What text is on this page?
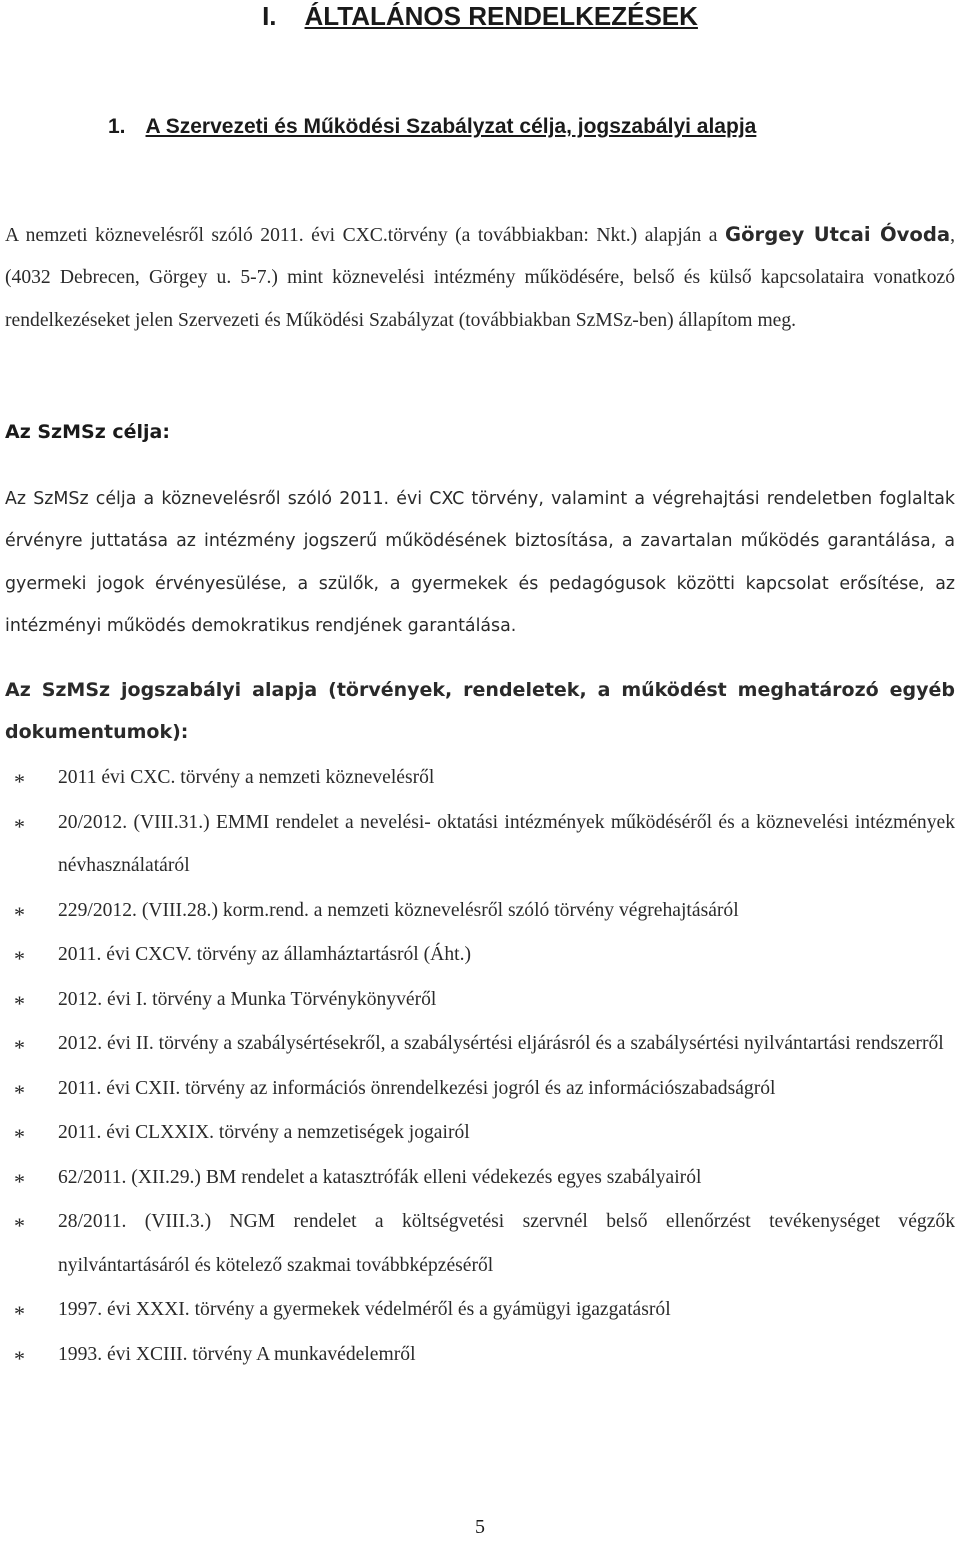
I. ÁLTALÁNOS RENDELKEZÉSEK
1. A Szervezeti és Működési Szabályzat célja, jogszabályi alapja

A nemzeti köznevelésről szóló 2011. évi CXC.törvény (a továbbiakban: Nkt.) alapján a Görgey Utcai Óvoda, (4032 Debrecen, Görgey u. 5-7.) mint köznevelési intézmény működésére, belső és külső kapcsolataira vonatkozó rendelkezéseket jelen Szervezeti és Működési Szabályzat (továbbiakban SzMSz-ben) állapítom meg.

Az SzMSz célja:

Az SzMSz célja a köznevelésről szóló 2011. évi CXC törvény, valamint a végrehajtási rendeletben foglaltak érvényre juttatása az intézmény jogszerű működésének biztosítása, a zavartalan működés garantálása, a gyermeki jogok érvényesülése, a szülők, a gyermekek és pedagógusok közötti kapcsolat erősítése, az intézményi működés demokratikus rendjének garantálása.

Az SzMSz jogszabályi alapja (törvények, rendeletek, a működést meghatározó egyéb dokumentumok):

* 2011 évi CXC. törvény a nemzeti köznevelésről
* 20/2012. (VIII.31.) EMMI rendelet a nevelési- oktatási intézmények működéséről és a köznevelési intézmények névhasználatáról
* 229/2012. (VIII.28.) korm.rend. a nemzeti köznevelésről szóló törvény végrehajtásáról
* 2011. évi CXCV. törvény az államháztartásról (Áht.)
* 2012. évi I. törvény a Munka Törvénykönyvéről
* 2012. évi II. törvény a szabálysértésekről, a szabálysértési eljárásról és a szabálysértési nyilvántartási rendszerről
* 2011. évi CXII. törvény az információs önrendelkezési jogról és az információszabadságról
* 2011. évi CLXXIX. törvény a nemzetiségek jogairól
* 62/2011. (XII.29.) BM rendelet a katasztrófák elleni védekezés egyes szabályairól
* 28/2011. (VIII.3.) NGM rendelet a költségvetési szervnél belső ellenőrzést tevékenységet végzők nyilvántartásáról és kötelező szakmai továbbképzéséről
* 1997. évi XXXI. törvény a gyermekek védelméről és a gyámügyi igazgatásról
* 1993. évi XCIII. törvény A munkavédelemről

5
